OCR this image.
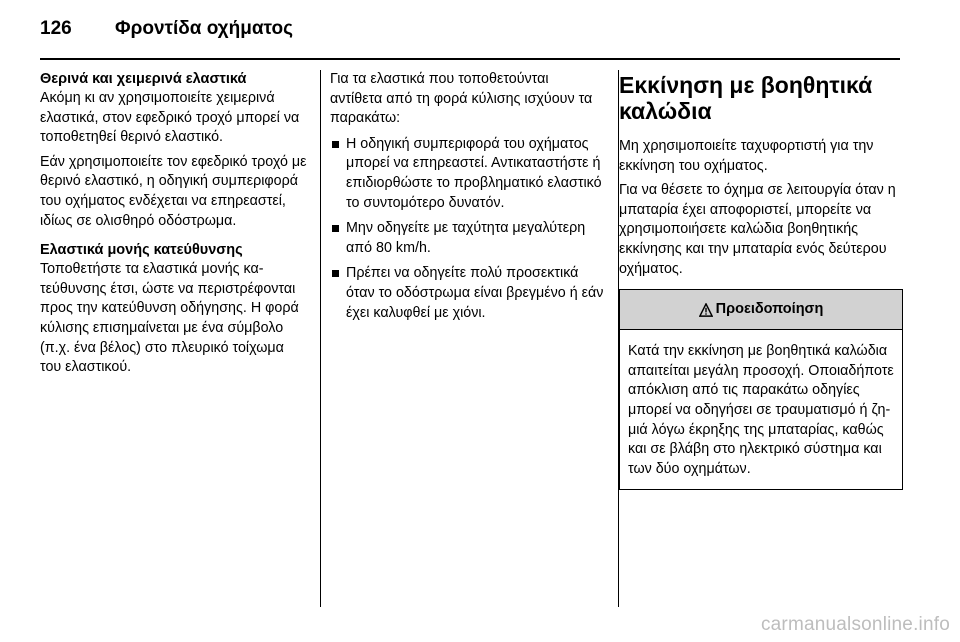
126 Φροντίδα οχήματος
Θερινά και χειμερινά ελαστικά

Ακόμη κι αν χρησιμοποιείτε χειμερινά ελαστικά, στον εφεδρικό τροχό μπορεί να τοποθετηθεί θερινό ελαστικό.

Εάν χρησιμοποιείτε τον εφεδρικό τροχό με θερινό ελαστικό, η οδηγική συμπεριφορά του οχήματος ενδέχεται να επηρεαστεί, ιδίως σε ολισθηρό οδόστρωμα.

Ελαστικά μονής κατεύθυνσης

Τοποθετήστε τα ελαστικά μονής κατεύθυνσης έτσι, ώστε να περιστρέφονται προς την κατεύθυνση οδήγησης. Η φορά κύλισης επισημαίνεται με ένα σύμβολο (π.χ. ένα βέλος) στο πλευρικό τοίχωμα του ελαστικού.

Για τα ελαστικά που τοποθετούνται αντίθετα από τη φορά κύλισης ισχύουν τα παρακάτω:

Η οδηγική συμπεριφορά του οχήματος μπορεί να επηρεαστεί. Αντικαταστήστε ή επιδιορθώστε το προβληματικό ελαστικό το συντομότερο δυνατόν.
Μην οδηγείτε με ταχύτητα μεγαλύτερη από 80 km/h.
Πρέπει να οδηγείτε πολύ προσεκτικά όταν το οδόστρωμα είναι βρεγμένο ή εάν έχει καλυφθεί με χιόνι.
Εκκίνηση με βοηθητικά καλώδια

Μη χρησιμοποιείτε ταχυφορτιστή για την εκκίνηση του οχήματος.

Για να θέσετε το όχημα σε λειτουργία όταν η μπαταρία έχει αποφοριστεί, μπορείτε να χρησιμοποιήσετε καλώδια βοηθητικής εκκίνησης και την μπαταρία ενός δεύτερου οχήματος.

Προειδοποίηση
Κατά την εκκίνηση με βοηθητικά καλώδια απαιτείται μεγάλη προσοχή. Οποιαδήποτε απόκλιση από τις παρακάτω οδηγίες μπορεί να οδηγήσει σε τραυματισμό ή ζημιά λόγω έκρηξης της μπαταρίας, καθώς και σε βλάβη στο ηλεκτρικό σύστημα και των δύο οχημάτων.
carmanualsonline.info
